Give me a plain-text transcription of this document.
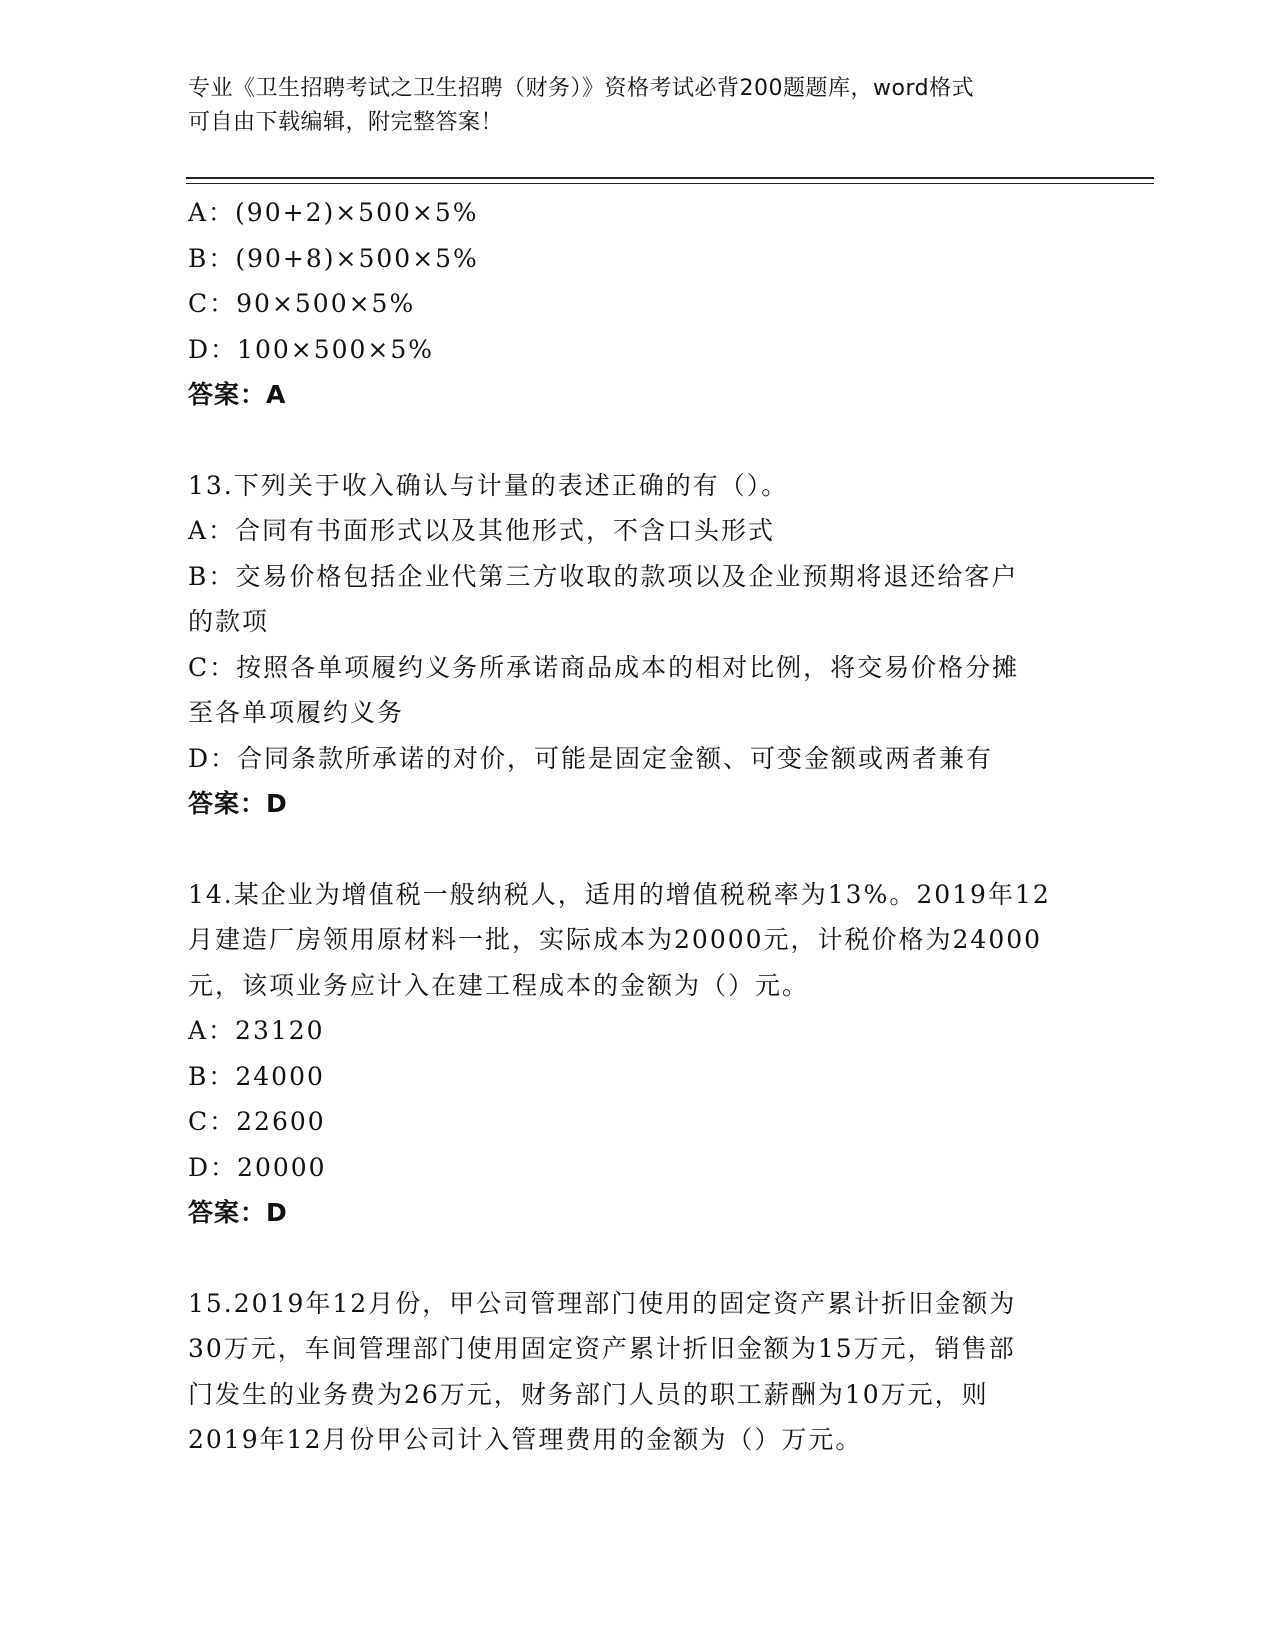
专业《卫生招聘考试之卫生招聘（财务）》资格考试必背200题题库，word格式
可自由下载编辑，附完整答案！
A：(90+2)×500×5%
B：(90+8)×500×5%
C：90×500×5%
D：100×500×5%
答案：A
13.下列关于收入确认与计量的表述正确的有（）。
A：合同有书面形式以及其他形式，不含口头形式
B：交易价格包括企业代第三方收取的款项以及企业预期将退还给客户
的款项
C：按照各单项履约义务所承诺商品成本的相对比例，将交易价格分摊
至各单项履约义务
D：合同条款所承诺的对价，可能是固定金额、可变金额或两者兼有
答案：D
14.某企业为增值税一般纳税人，适用的增值税税率为13%。2019年12
月建造厂房领用原材料一批，实际成本为20000元，计税价格为24000
元，该项业务应计入在建工程成本的金额为（）元。
A：23120
B：24000
C：22600
D：20000
答案：D
15.2019年12月份，甲公司管理部门使用的固定资产累计折旧金额为
30万元，车间管理部门使用固定资产累计折旧金额为15万元，销售部
门发生的业务费为26万元，财务部门人员的职工薪酬为10万元，则
2019年12月份甲公司计入管理费用的金额为（）万元。
